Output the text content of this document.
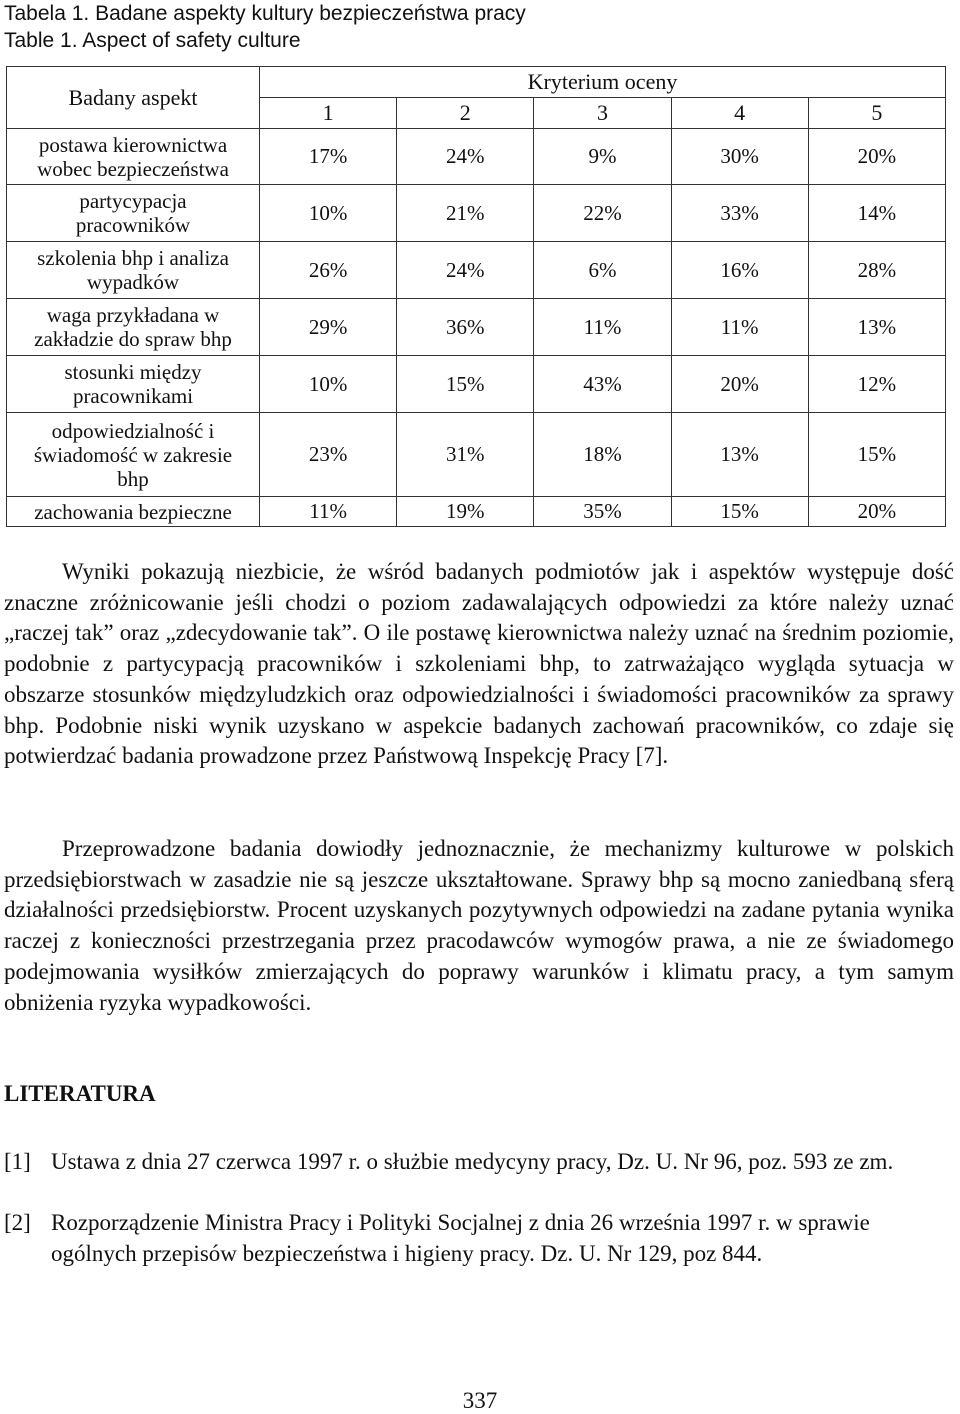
Tabela 1. Badane aspekty kultury bezpieczeństwa pracy
Table 1. Aspect of safety culture
Badany aspekt	Kryterium oceny				
	1	2	3	4	5

postawa kierownictwa
wobec bezpieczeństwa	17%	24%	9%	30%	20%

partycypacja
pracowników	10%	21%	22%	33%	14%

szkolenia bhp i analiza
wypadków	26%	24%	6%	16%	28%

waga przykładana w
zakładzie do spraw bhp	29%	36%	11%	11%	13%

stosunki między
pracownikami	10%	15%	43%	20%	12%

odpowiedzialność i
świadomość w zakresie
bhp	23%	31%	18%	13%	15%

zachowania bezpieczne	11%	19%	35%	15%	20%
Wyniki pokazują niezbicie, że wśród badanych podmiotów jak i aspektów występuje dość znaczne zróżnicowanie jeśli chodzi o poziom zadawalających odpowiedzi za które należy uznać „raczej tak” oraz „zdecydowanie tak”. O ile postawę kierownictwa należy uznać na średnim poziomie, podobnie z partycypacją pracowników i szkoleniami bhp, to zatrważająco wygląda sytuacja w obszarze stosunków międzyludzkich oraz odpowiedzialności i świadomości pracowników za sprawy bhp. Podobnie niski wynik uzyskano w aspekcie badanych zachowań pracowników, co zdaje się potwierdzać badania prowadzone przez Państwową Inspekcję Pracy [7].
Przeprowadzone badania dowiodły jednoznacznie, że mechanizmy kulturowe w polskich przedsiębiorstwach w zasadzie nie są jeszcze ukształtowane. Sprawy bhp są mocno zaniedbaną sferą działalności przedsiębiorstw. Procent uzyskanych pozytywnych odpowiedzi na zadane pytania wynika raczej z konieczności przestrzegania przez pracodawców wymogów prawa, a nie ze świadomego podejmowania wysiłków zmierzających do poprawy warunków i klimatu pracy, a tym samym obniżenia ryzyka wypadkowości.
LITERATURA
[1] Ustawa z dnia 27 czerwca 1997 r. o służbie medycyny pracy, Dz. U. Nr 96, poz. 593 ze zm.
[2] Rozporządzenie Ministra Pracy i Polityki Socjalnej z dnia 26 września 1997 r. w sprawie ogólnych przepisów bezpieczeństwa i higieny pracy. Dz. U. Nr 129, poz 844.
337
